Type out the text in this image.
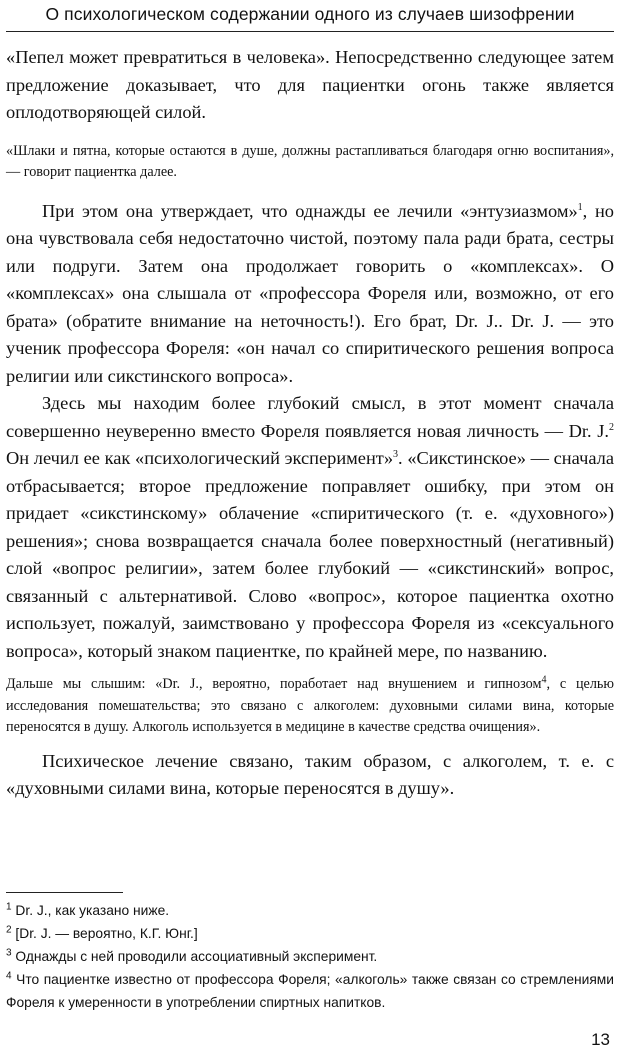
О психологическом содержании одного из случаев шизофрении

«Пепел может превратиться в человека». Непосредственно следующее затем предложение доказывает, что для пациентки огонь также является оплодотворяющей силой.

«Шлаки и пятна, которые остаются в душе, должны растапливаться благодаря огню воспитания», — говорит пациентка далее.

При этом она утверждает, что однажды ее лечили «энтузиазмом»$^1$, но она чувствовала себя недостаточно чистой, поэтому пала ради брата, сестры или подруги. Затем она продолжает говорить о «комплексах». О «комплексах» она слышала от «профессора Фореля или, возможно, от его брата» (обратите внимание на неточность!). Его брат, Dr. J.. Dr. J. — это ученик профессора Фореля: «он начал со спиритического решения вопроса религии или сикстинского вопроса».

Здесь мы находим более глубокий смысл, в этот момент сначала совершенно неуверенно вместо Фореля появляется новая личность — Dr. J.$^2$ Он лечил ее как «психологический эксперимент»$^3$. «Сикстинское» — сначала отбрасывается; второе предложение поправляет ошибку, при этом он придает «сикстинскому» облачение «спиритического (т. е. «духовного») решения»; снова возвращается сначала более поверхностный (негативный) слой «вопрос религии», затем более глубокий — «сикстинский» вопрос, связанный с альтернативой. Слово «вопрос», которое пациентка охотно использует, пожалуй, заимствовано у профессора Фореля из «сексуального вопроса», который знаком пациентке, по крайней мере, по названию.

Дальше мы слышим: «Dr. J., вероятно, поработает над внушением и гипнозом$^4$, с целью исследования помешательства; это связано с алкоголем: духовными силами вина, которые переносятся в душу. Алкоголь используется в медицине в качестве средства очищения».

Психическое лечение связано, таким образом, с алкоголем, т. е. с «духовными силами вина, которые переносятся в душу».

$^1$ Dr. J., как указано ниже.
$^2$ [Dr. J. — вероятно, К.Г. Юнг.]
$^3$ Однажды с ней проводили ассоциативный эксперимент.
$^4$ Что пациентке известно от профессора Фореля; «алкоголь» также связан со стремлениями Фореля к умеренности в употреблении спиртных напитков.
13
